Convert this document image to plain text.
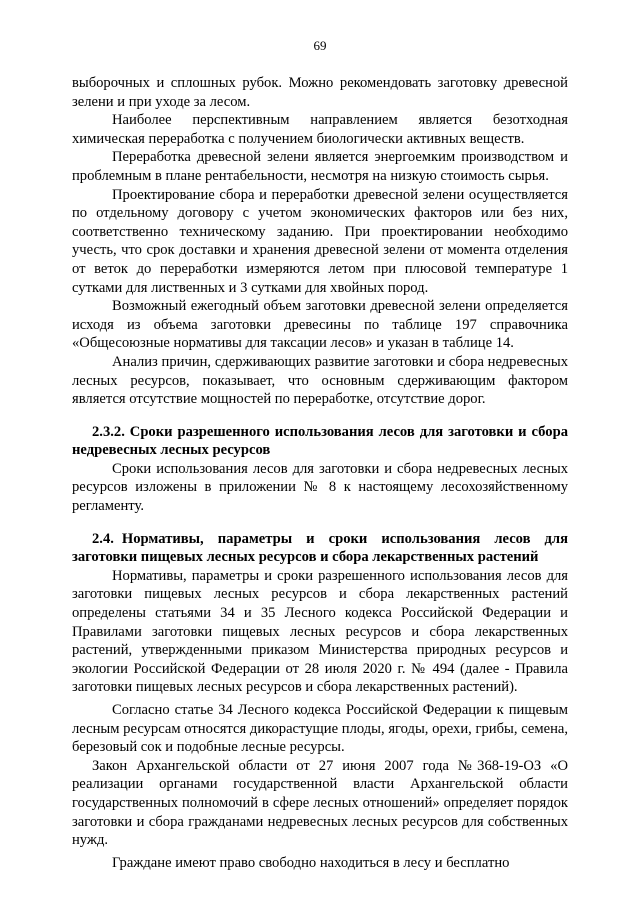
69

выборочных и сплошных рубок. Можно рекомендовать заготовку древесной зелени и при уходе за лесом.

Наиболее перспективным направлением является безотходная химическая переработка с получением биологически активных веществ.

Переработка древесной зелени является энергоемким производством и проблемным в плане рентабельности, несмотря на низкую стоимость сырья.

Проектирование сбора и переработки древесной зелени осуществляется по отдельному договору с учетом экономических факторов или без них, соответственно техническому заданию. При проектировании необходимо учесть, что срок доставки и хранения древесной зелени от момента отделения от веток до переработки измеряются летом при плюсовой температуре 1 сутками для лиственных и 3 сутками для хвойных пород.

Возможный ежегодный объем заготовки древесной зелени определяется исходя из объема заготовки древесины по таблице 197 справочника «Общесоюзные нормативы для таксации лесов» и указан в таблице 14.

Анализ причин, сдерживающих развитие заготовки и сбора недревесных лесных ресурсов, показывает, что основным сдерживающим фактором является отсутствие мощностей по переработке, отсутствие дорог.

2.3.2. Сроки разрешенного использования лесов для заготовки и сбора недревесных лесных ресурсов

Сроки использования лесов для заготовки и сбора недревесных лесных ресурсов изложены в приложении № 8 к настоящему лесохозяйственному регламенту.

2.4. Нормативы, параметры и сроки использования лесов для заготовки пищевых лесных ресурсов и сбора лекарственных растений

Нормативы, параметры и сроки разрешенного использования лесов для заготовки пищевых лесных ресурсов и сбора лекарственных растений определены статьями 34 и 35 Лесного кодекса Российской Федерации и Правилами заготовки пищевых лесных ресурсов и сбора лекарственных растений, утвержденными приказом Министерства природных ресурсов и экологии Российской Федерации от 28 июля 2020 г. № 494 (далее - Правила заготовки пищевых лесных ресурсов и сбора лекарственных растений).

Согласно статье 34 Лесного кодекса Российской Федерации к пищевым лесным ресурсам относятся дикорастущие плоды, ягоды, орехи, грибы, семена, березовый сок и подобные лесные ресурсы.

Закон Архангельской области от 27 июня 2007 года №368-19-ОЗ «О реализации органами государственной власти Архангельской области государственных полномочий в сфере лесных отношений» определяет порядок заготовки и сбора гражданами недревесных лесных ресурсов для собственных нужд.

Граждане имеют право свободно находиться в лесу и бесплатно
